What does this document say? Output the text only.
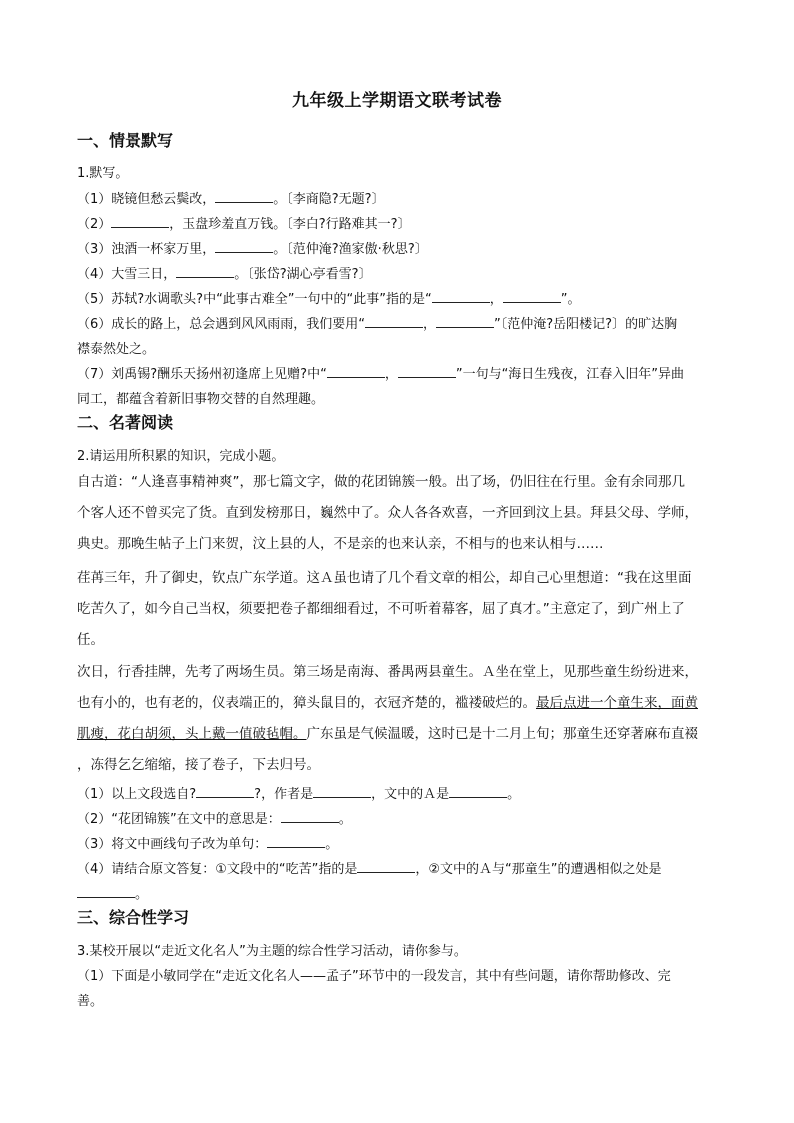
九年级上学期语文联考试卷
一、情景默写
1.默写。
（1）晓镜但愁云鬓改，	。〔李商隐?无题?〕
（2）	，玉盘珍羞直万钱。〔李白?行路难其一?〕
（3）浊酒一杯家万里，	。〔范仲淹?渔家傲·秋思?〕
（4）大雪三日，	。〔张岱?湖心亭看雪?〕
（5）苏轼?水调歌头?中“此事古难全”一句中的“此事”指的是“	，	”。
（6）成长的路上，总会遇到风风雨雨，我们要用“	，	”〔范仲淹?岳阳楼记?〕的旷达胸
襟泰然处之。
（7）刘禹锡?酬乐天扬州初逢席上见赠?中“	，	”一句与“海日生残夜，江春入旧年”异曲
同工，都蕴含着新旧事物交替的自然理趣。
二、名著阅读
2.请运用所积累的知识，完成小题。
自古道：“人逢喜事精神爽”，那七篇文字，做的花团锦簇一般。出了场，仍旧往在行里。金有余同那几
个客人还不曾买完了货。直到发榜那日，巍然中了。众人各各欢喜，一齐回到汶上县。拜县父母、学师，
典史。那晚生帖子上门来贺，汶上县的人，不是亲的也来认亲，不相与的也来认相与……
荏苒三年，升了御史，钦点广东学道。这Ａ虽也请了几个看文章的相公，却自己心里想道：“我在这里面
吃苦久了，如今自己当权，须要把卷子都细细看过，不可听着幕客，屈了真才。”主意定了，到广州上了
任。
次日，行香挂牌，先考了两场生员。第三场是南海、番禺两县童生。Ａ坐在堂上，见那些童生纷纷进来，
也有小的，也有老的，仪表端正的，獐头鼠目的，衣冠齐楚的，褴褛破烂的。最后点进一个童生来，面黄
肌瘦，花白胡须，头上戴一值破毡帽。广东虽是气候温暖，这时已是十二月上旬；那童生还穿著麻布直裰
，冻得乞乞缩缩，接了卷子，下去归号。
（1）以上文段选自?	?，作者是	，文中的Ａ是	。
（2）“花团锦簇”在文中的意思是：	。
（3）将文中画线句子改为单句：	。
（4）请结合原文答复：①文段中的“吃苦”指的是	，②文中的Ａ与“那童生”的遭遇相似之处是
。
三、综合性学习
3.某校开展以“走近文化名人”为主题的综合性学习活动，请你参与。
（1）下面是小敏同学在“走近文化名人——孟子”环节中的一段发言，其中有些问题，请你帮助修改、完
善。
